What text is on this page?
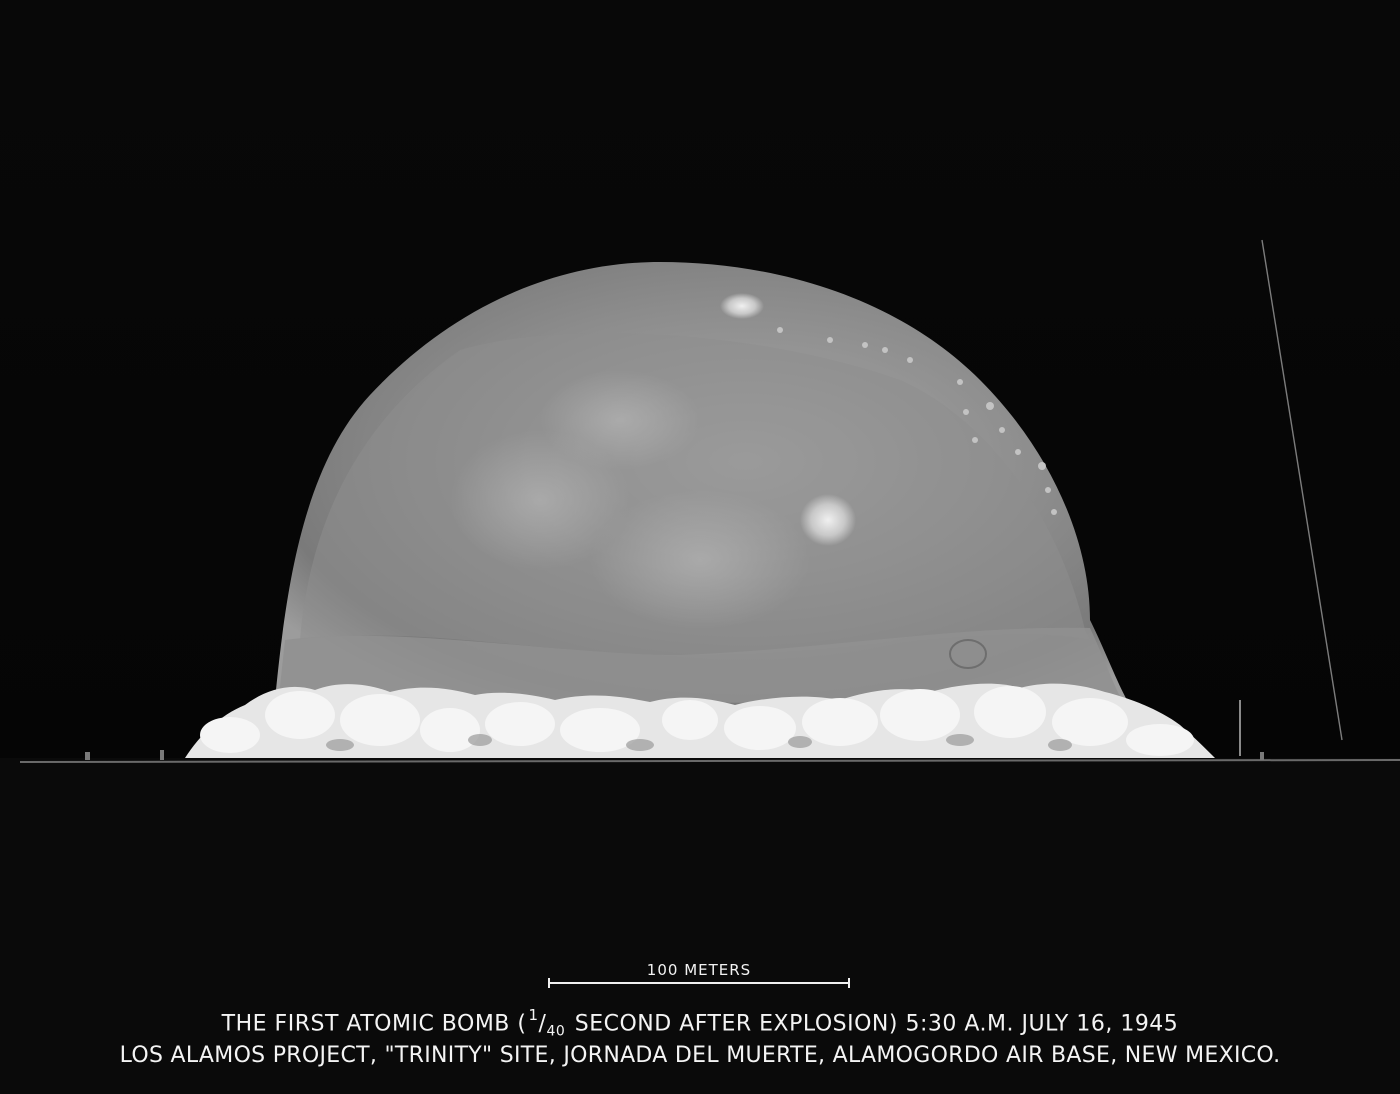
100 METERS
THE FIRST ATOMIC BOMB ( $^1/_{40}$ SECOND AFTER EXPLOSION) 5:30 A.M. JULY 16, 1945
LOS ALAMOS PROJECT, "TRINITY" SITE, JORNADA DEL MUERTE, ALAMOGORDO AIR BASE, NEW MEXICO.
